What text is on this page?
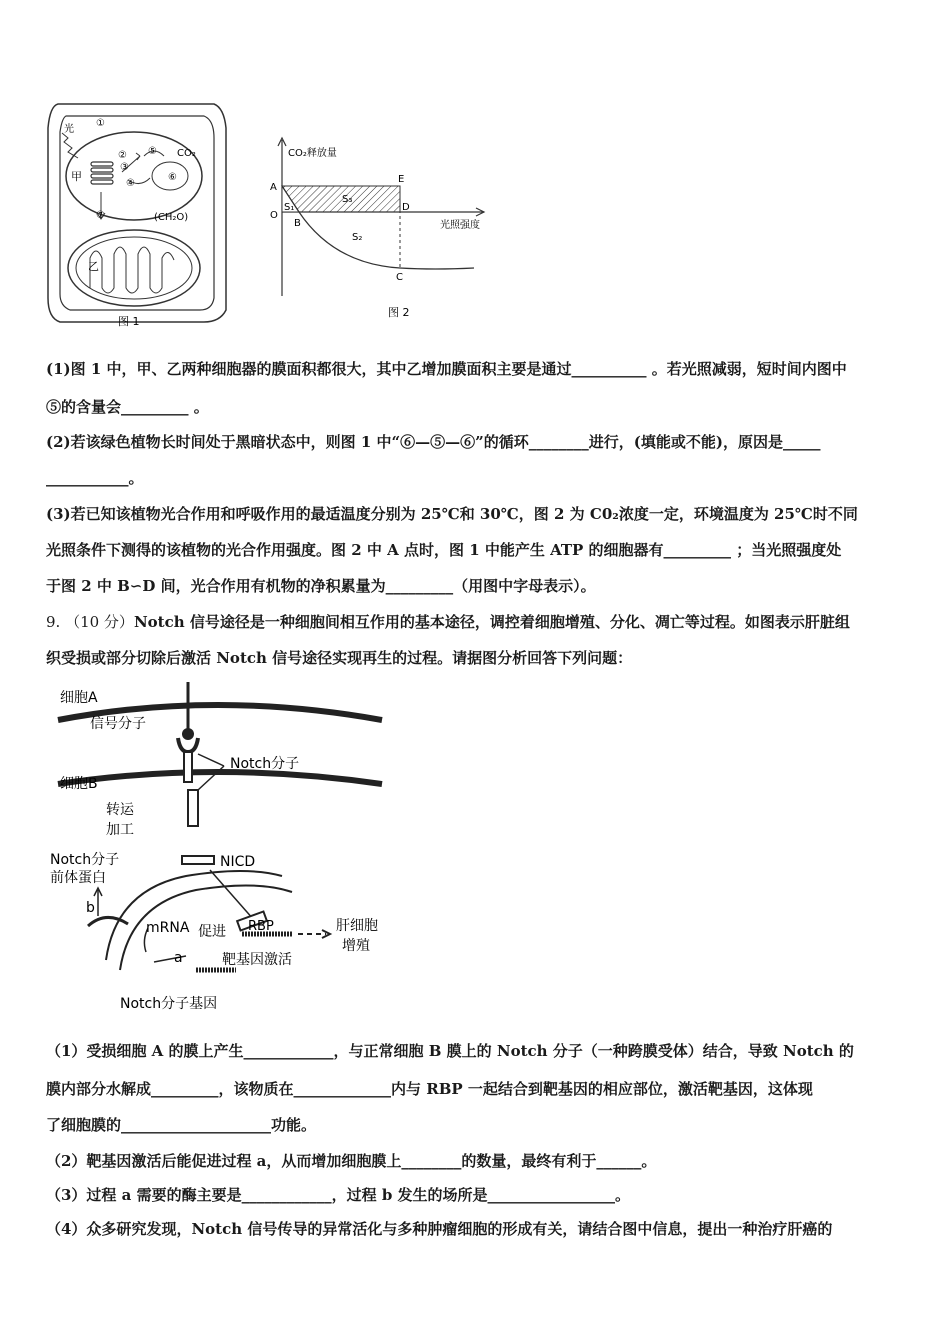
光
①
甲
②
③
④
⑤
⑥
CO₂
(CH₂O)
⑦
乙
图 1
CO₂释放量
光照强度
A
O
B
E
D
C
S₁
S₃
S₂
图 2
(1)图 1 中，甲、乙两种细胞器的膜面积都很大，其中乙增加膜面积主要是通过__________ 。若光照减弱，短时间内图中
⑤的含量会_________ 。
(2)若该绿色植物长时间处于黑暗状态中，则图 1 中“⑥—⑤—⑥”的循环________进行，(填能或不能)，原因是_____
___________。
(3)若已知该植物光合作用和呼吸作用的最适温度分别为 25℃和 30℃，图 2 为 C0₂浓度一定，环境温度为 25℃时不同
光照条件下测得的该植物的光合作用强度。图 2 中 A 点时，图 1 中能产生 ATP 的细胞器有_________ ；当光照强度处
于图 2 中 B∽D 间，光合作用有机物的净积累量为_________（用图中字母表示）。
9. （10 分）Notch 信号途径是一种细胞间相互作用的基本途径，调控着细胞增殖、分化、凋亡等过程。如图表示肝脏组
织受损或部分切除后激活 Notch 信号途径实现再生的过程。请据图分析回答下列问题：
细胞A
信号分子
Notch分子
细胞B
转运
加工
Notch分子
前体蛋白
NICD
b
mRNA 促进 RBP	肝细胞
增殖
a	靶基因激活
Notch分子基因
（1）受损细胞 A 的膜上产生____________，与正常细胞 B 膜上的 Notch 分子（一种跨膜受体）结合，导致 Notch 的
膜内部分水解成_________，该物质在_____________内与 RBP 一起结合到靶基因的相应部位，激活靶基因，这体现
了细胞膜的____________________功能。
（2）靶基因激活后能促进过程 a，从而增加细胞膜上________的数量，最终有利于______。
（3）过程 a 需要的酶主要是____________，过程 b 发生的场所是_________________。
（4）众多研究发现，Notch 信号传导的异常活化与多种肿瘤细胞的形成有关，请结合图中信息，提出一种治疗肝癌的
